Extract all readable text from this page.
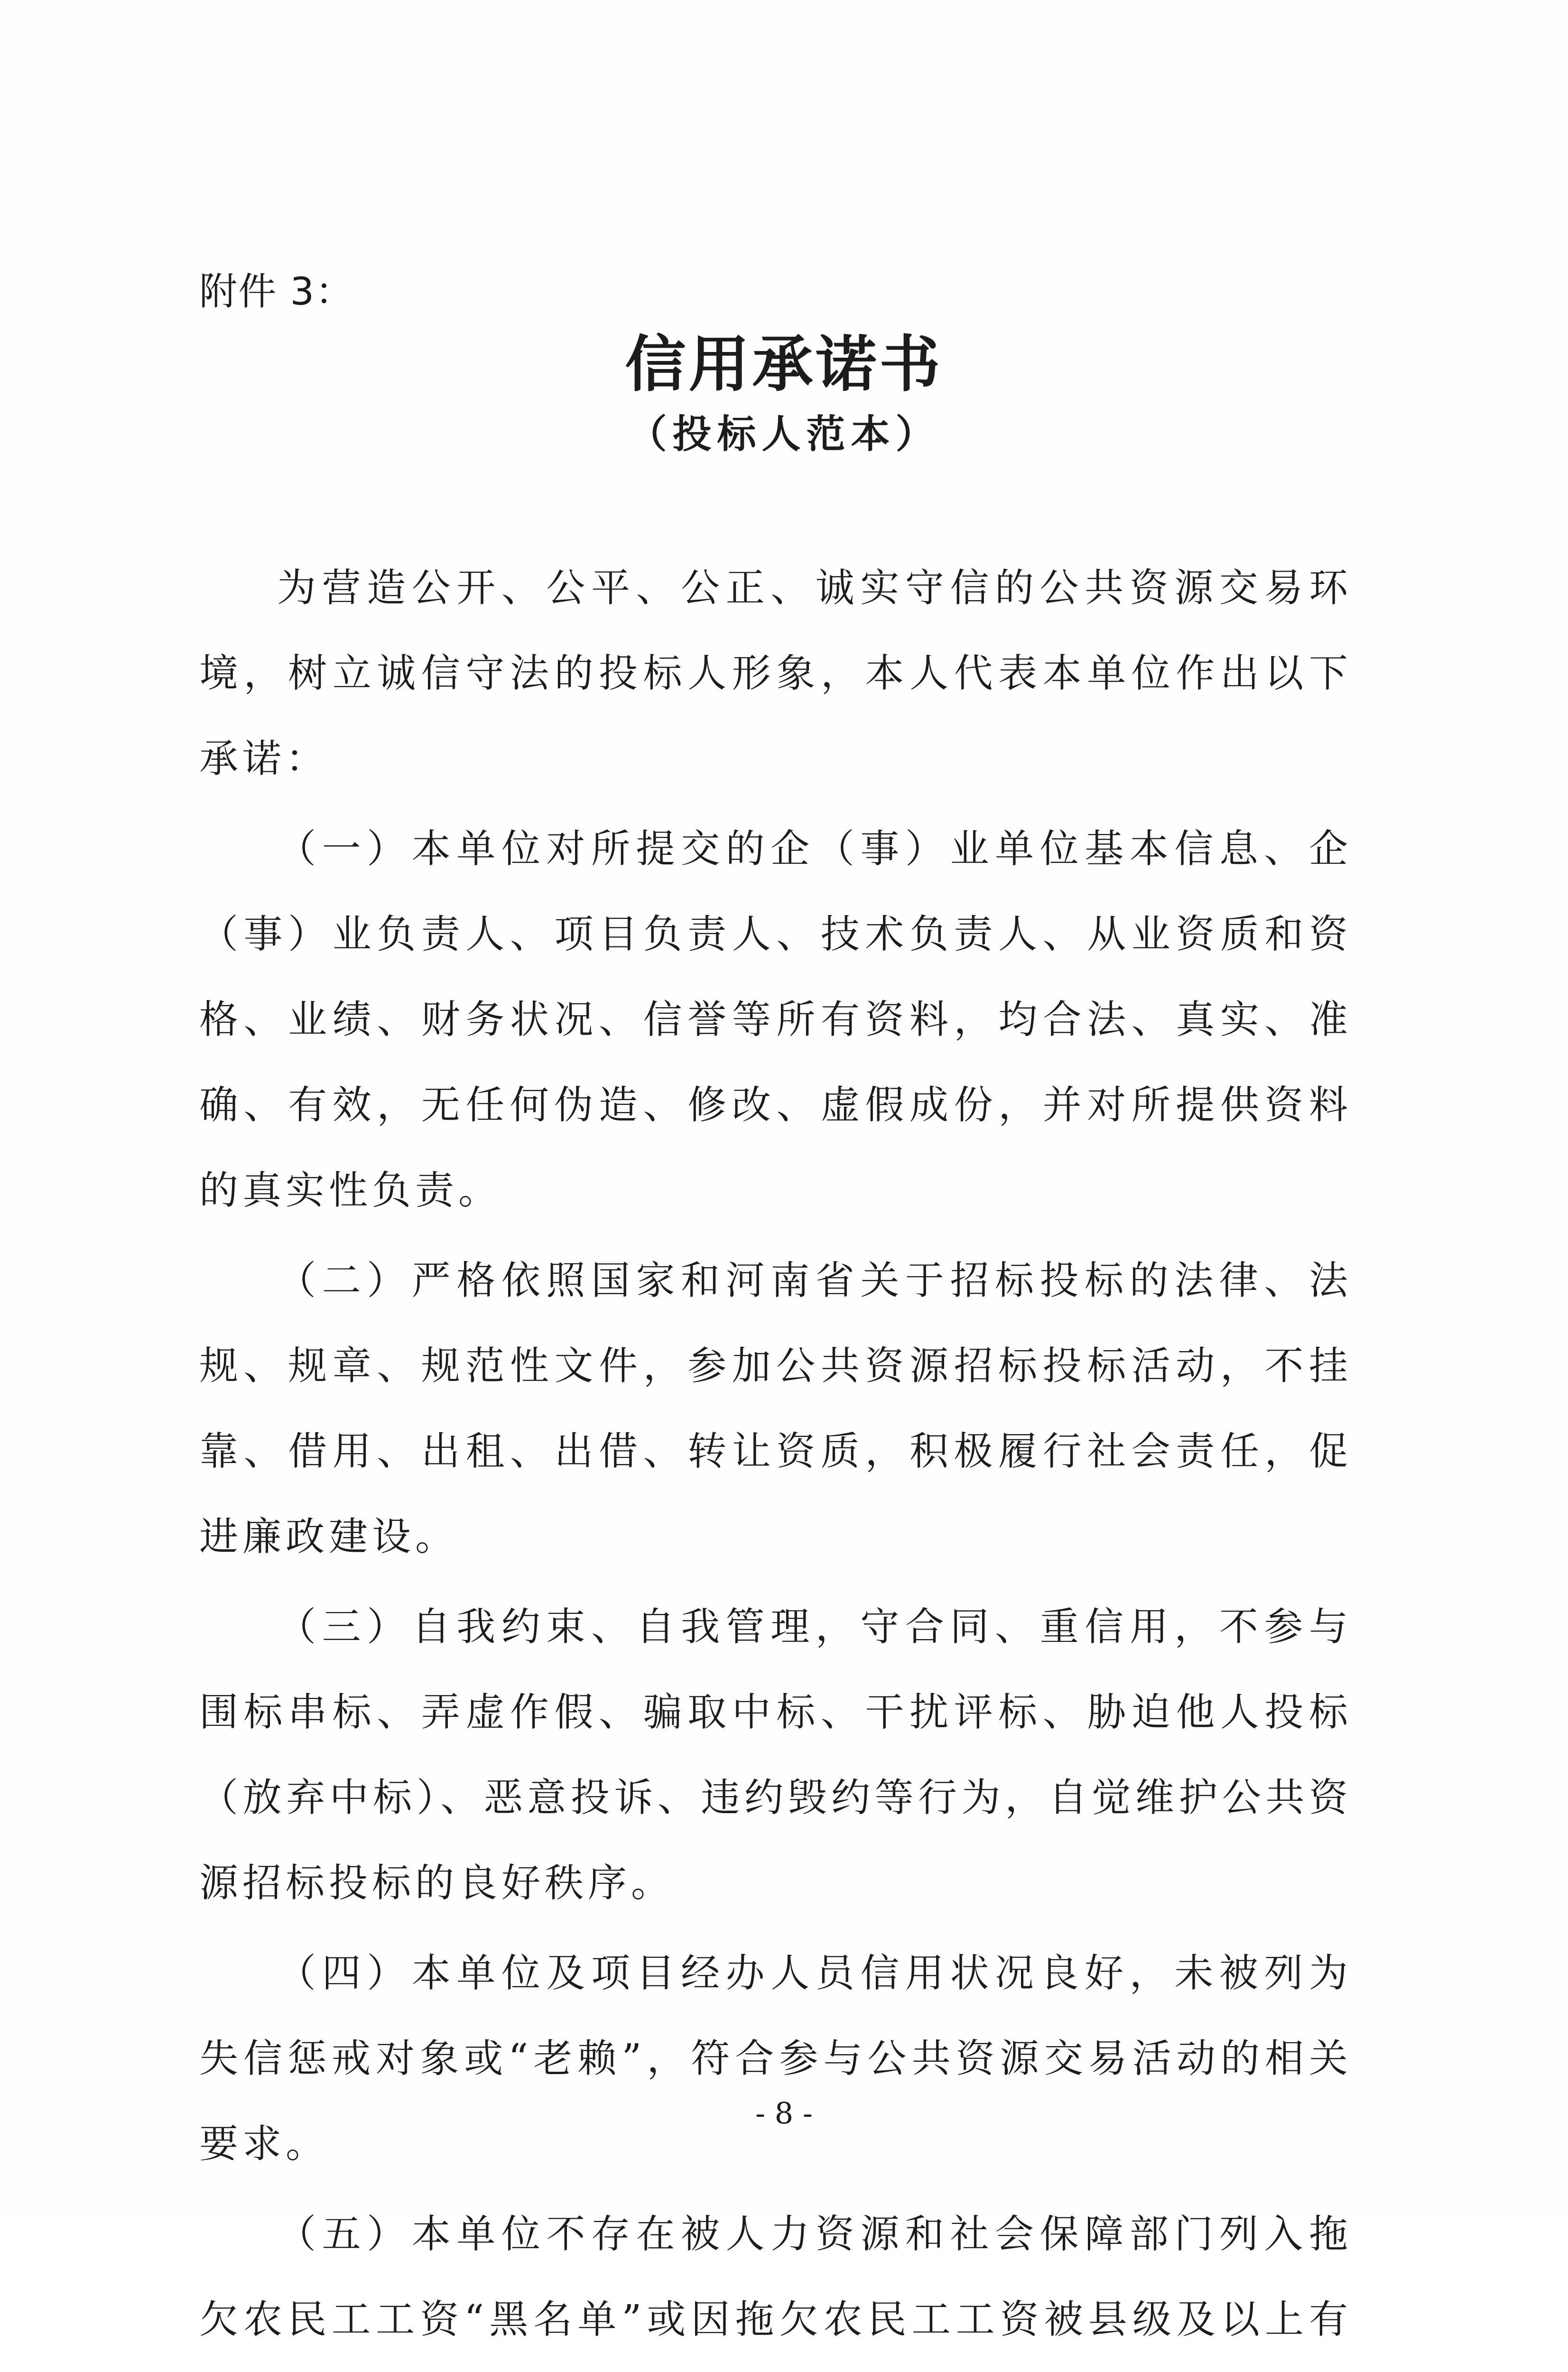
附件 3：
信用承诺书
（投标人范本）

为营造公开、公平、公正、诚实守信的公共资源交易环境，树立诚信守法的投标人形象，本人代表本单位作出以下承诺：

（一）本单位对所提交的企（事）业单位基本信息、企（事）业负责人、项目负责人、技术负责人、从业资质和资格、业绩、财务状况、信誉等所有资料，均合法、真实、准确、有效，无任何伪造、修改、虚假成份，并对所提供资料的真实性负责。

（二）严格依照国家和河南省关于招标投标的法律、法规、规章、规范性文件，参加公共资源招标投标活动，不挂靠、借用、出租、出借、转让资质，积极履行社会责任，促进廉政建设。

（三）自我约束、自我管理，守合同、重信用，不参与围标串标、弄虚作假、骗取中标、干扰评标、胁迫他人投标（放弃中标）、恶意投诉、违约毁约等行为，自觉维护公共资源招标投标的良好秩序。

（四）本单位及项目经办人员信用状况良好，未被列为失信惩戒对象或“老赖”，符合参与公共资源交易活动的相关要求。

（五）本单位不存在被人力资源和社会保障部门列入拖欠农民工工资“黑名单”或因拖欠农民工工资被县级及以上有

- 8 -
